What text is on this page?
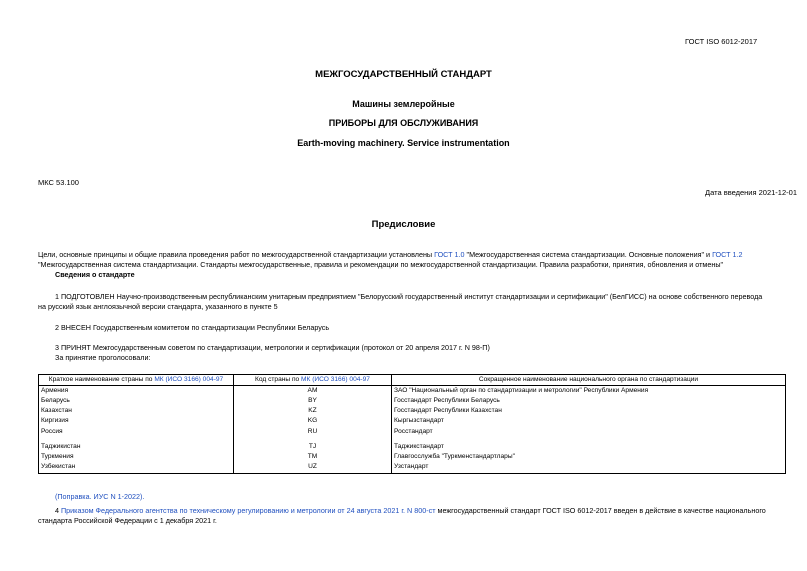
ГОСТ ISO 6012-2017
МЕЖГОСУДАРСТВЕННЫЙ СТАНДАРТ
Машины землеройные
ПРИБОРЫ ДЛЯ ОБСЛУЖИВАНИЯ
Earth-moving machinery. Service instrumentation
МКС 53.100
Дата введения 2021-12-01
Предисловие
Цели, основные принципы и общие правила проведения работ по межгосударственной стандартизации установлены ГОСТ 1.0 "Межгосударственная система стандартизации. Основные положения" и ГОСТ 1.2
"Межгосударственная система стандартизации. Стандарты межгосударственные, правила и рекомендации по межгосударственной стандартизации. Правила разработки, принятия, обновления и отмены"
Сведения о стандарте
1 ПОДГОТОВЛЕН Научно-производственным республиканским унитарным предприятием "Белорусский государственный институт стандартизации и сертификации" (БелГИСС) на основе собственного перевода
на русский язык англоязычной версии стандарта, указанного в пункте 5
2 ВНЕСЕН Государственным комитетом по стандартизации Республики Беларусь
3 ПРИНЯТ Межгосударственным советом по стандартизации, метрологии и сертификации (протокол от 20 апреля 2017 г. N 98-П)
За принятие проголосовали:
Краткое наименование страны по МК (ИСО 3166) 004-97	Код страны по МК (ИСО 3166) 004-97	Сокращенное наименование национального органа по стандартизации
Армения	AM	ЗАО "Национальный орган по стандартизации и метрологии" Республики Армения
Беларусь	BY	Госстандарт Республики Беларусь
Казахстан	KZ	Госстандарт Республики Казахстан
Киргизия	KG	Кыргызстандарт
Россия	RU	Росстандарт

Таджикистан	TJ	Таджикстандарт
Туркмения	TM	Главгосслужба "Туркменстандартлары"
Узбекистан	UZ	Узстандарт
(Поправка. ИУС N 1-2022).
4 Приказом Федерального агентства по техническому регулированию и метрологии от 24 августа 2021 г. N 800-ст межгосударственный стандарт ГОСТ ISO 6012-2017 введен в действие в качестве национального
стандарта Российской Федерации с 1 декабря 2021 г.
